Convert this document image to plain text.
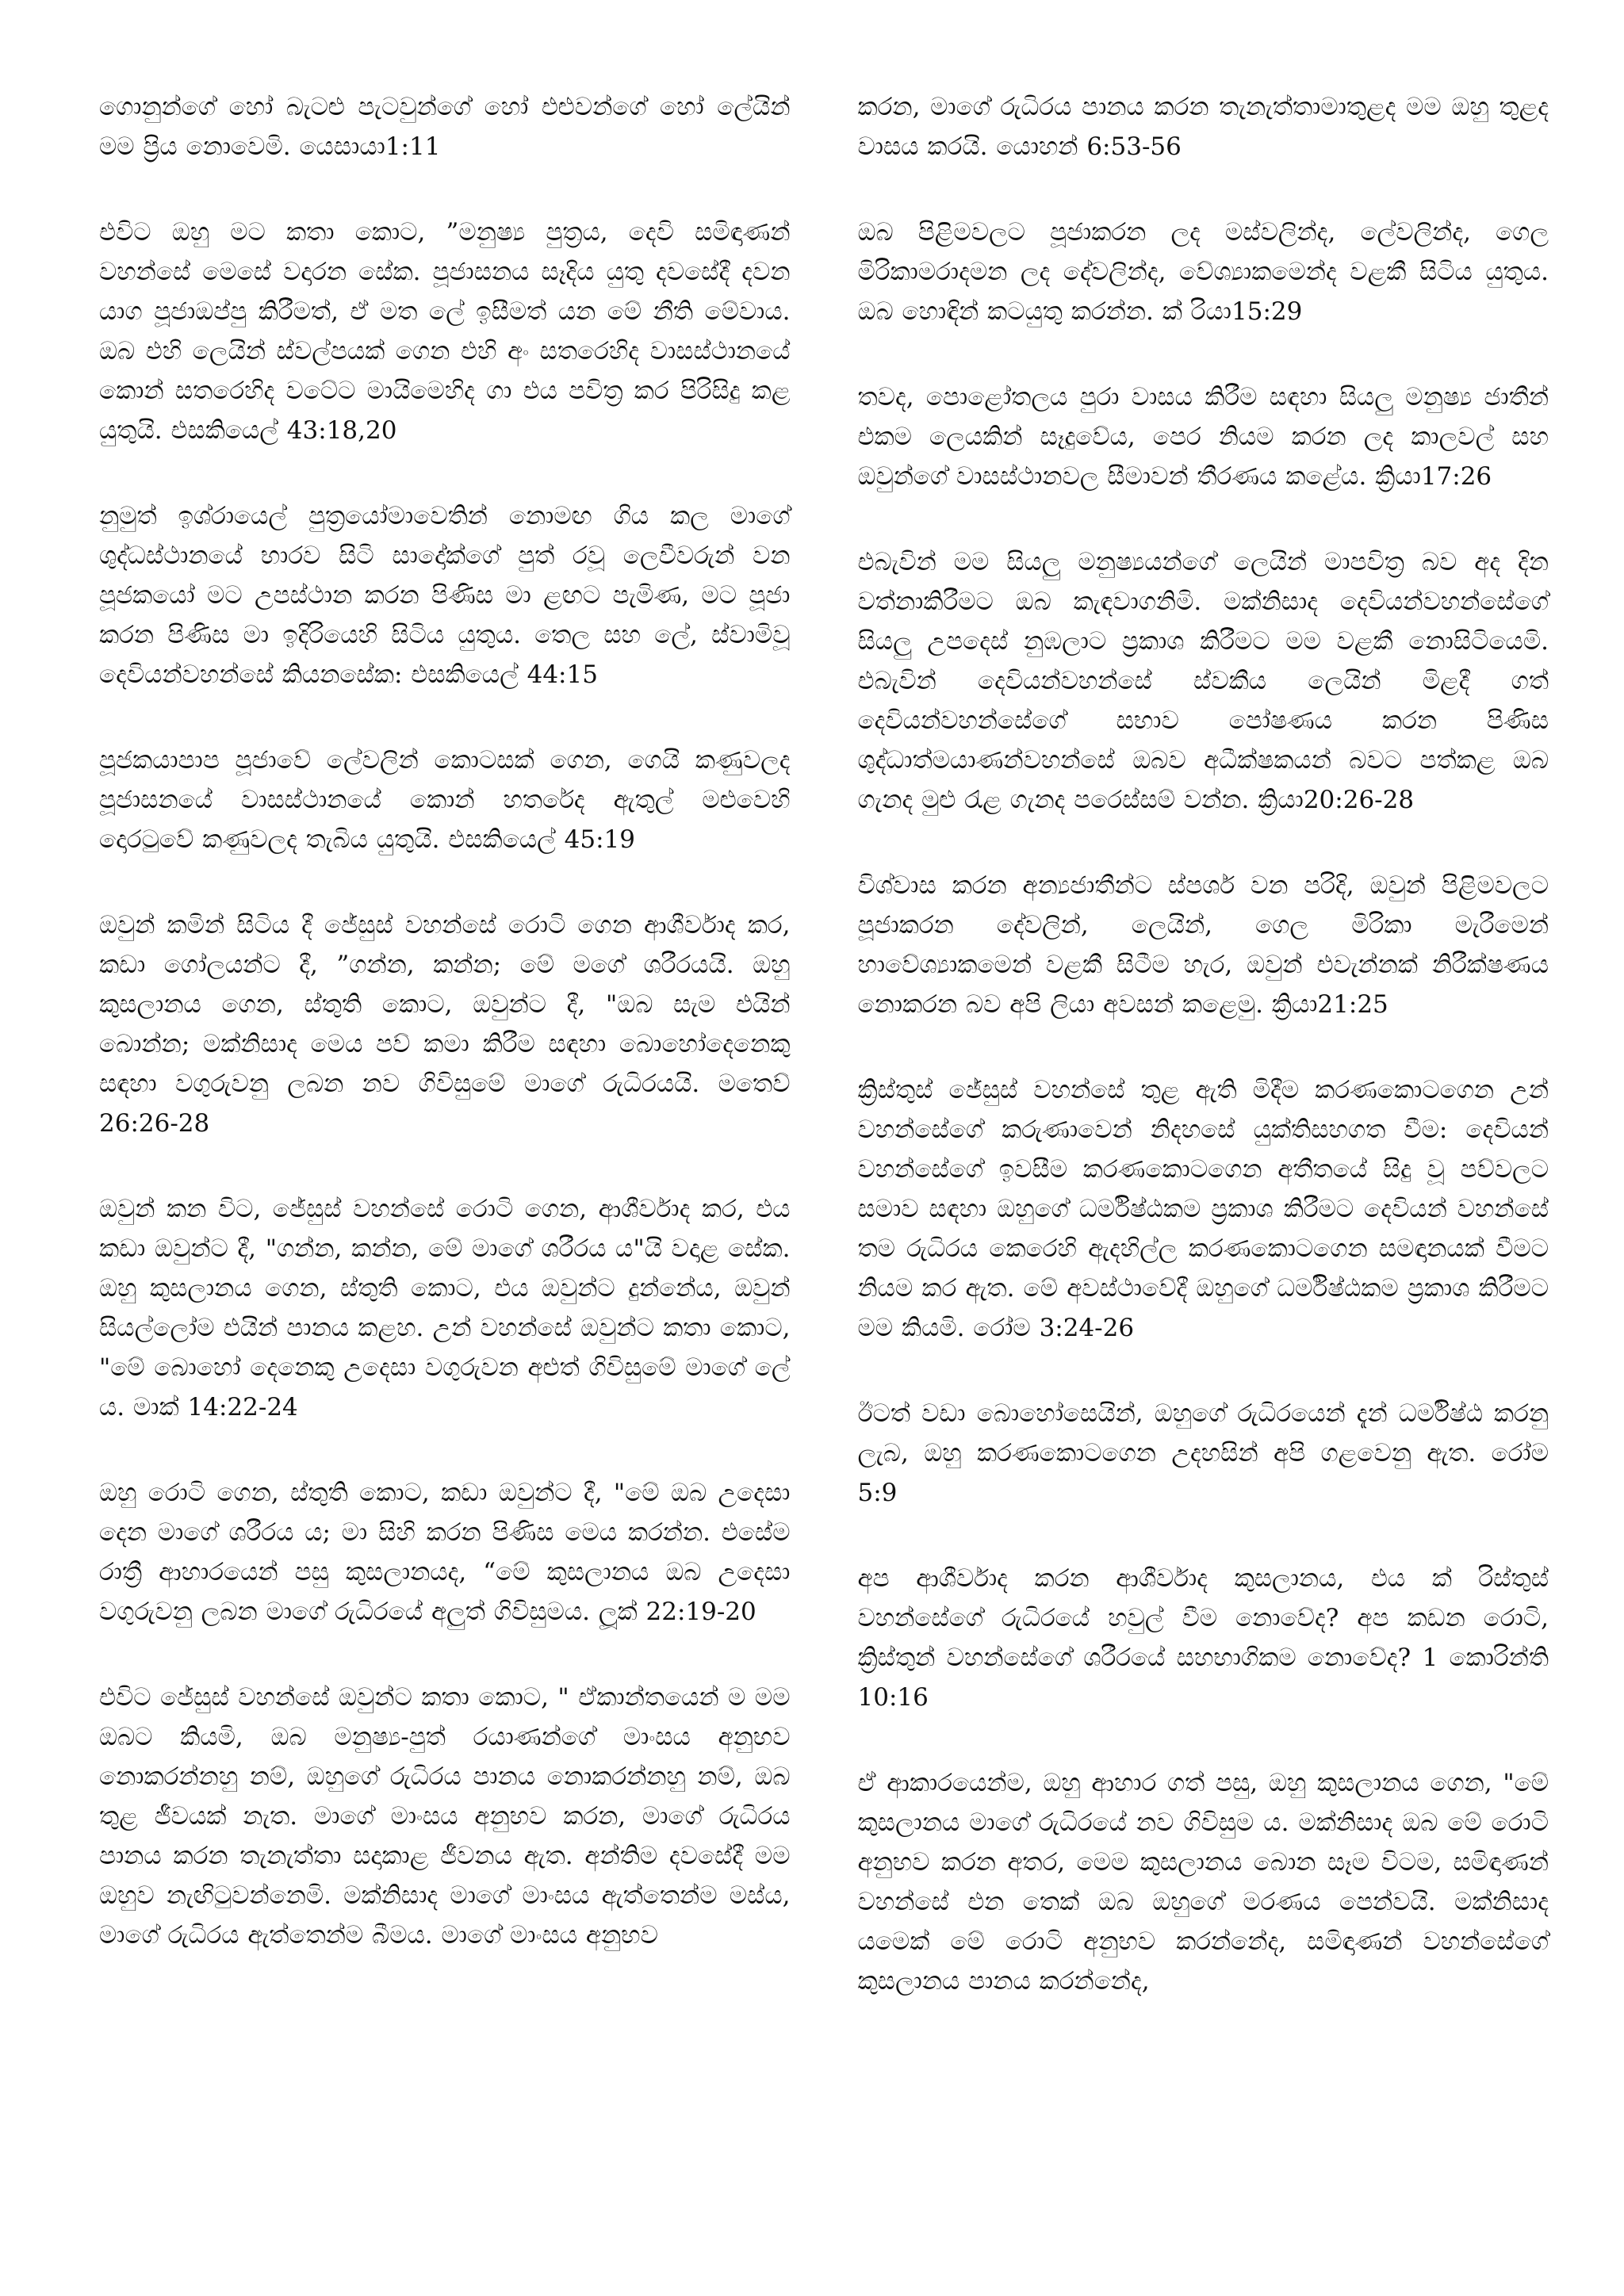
ගොනුන්ගේ හෝ බැටළු පැටවුන්ගේ හෝ එළුවන්ගේ හෝ ලේයින් මම ප්‍රිය නොවෙමි. යෙසායා1:11

එවිට ඔහු මට කතා කොට, ”මනුෂ්‍ය පුත්‍රය, දෙවි සමිඳාණන් වහන්සේ මෙසේ වදාරන සේක. පූජාසනය සෑදිය යුතු දවසේදී දවන යාග පූජාඔප්පු කිරීමත්, ඒ මත ලේ ඉසීමත් යන මේ නීති මේවාය. ඔබ එහි ලෙයින් ස්වල්පයක් ගෙන එහි අං සතරෙහිද වාසස්ථානයේ කොන් සතරෙහිද වටේට මායිමෙහිද ගා එය පවිත්‍ර කර පිරිසිදු කළ යුතුයි. එසකියෙල් 43:18,20

නුමුත් ඉශ්රායෙල් පුත්‍රයෝමාවෙතින් නොමඟ ගිය කල මාගේ ශුද්ධස්ථානයේ භාරව සිටි සාදෝක්ගේ පුත් රවූ ලෙවීවරුන් වන පූජකයෝ මට උපස්ථාන කරන පිණිස මා ළඟට පැමිණ, මට පූජා කරන පිණිස මා ඉදිරියෙහි සිටිය යුතුය. තෙල සහ ලේ, ස්වාමිවූ දෙවියන්වහන්සේ කියනසේක: එසකියෙල් 44:15

පූජකයාපාප පූජාවේ ලේවලින් කොටසක් ගෙන, ගෙයි කණුවලද පූජාසනයේ වාසස්ථානයේ කොන් හතරේද ඇතුල් මළුවෙහි දොරටුවේ කණුවලද තැබිය යුතුයි. එසකියෙල් 45:19

ඔවුන් කමින් සිටිය දී ජේසුස් වහන්සේ රොටි ගෙන ආශීර්වාද කර, කඩා ගෝලයන්ට දී, ”ගන්න, කන්න; මේ මගේ ශරීරයයි. ඔහු කුසලානය ගෙන, ස්තුති කොට, ඔවුන්ට දී, "ඔබ සැම එයින් බොන්න; මක්නිසාද මෙය පව් කමා කිරීම සඳහා බොහෝදෙනෙකු සඳහා වගුරුවනු ලබන නව ගිවිසුමේ මාගේ රුධිරයයි. මතෙව් 26:26-28

ඔවුන් කන විට, ජේසුස් වහන්සේ රොටි ගෙන, ආශීර්වාද කර, එය කඩා ඔවුන්ට දී, "ගන්න, කන්න, මේ මාගේ ශරීරය ය"යි වදාළ සේක. ඔහු කුසලානය ගෙන, ස්තුති කොට, එය ඔවුන්ට දුන්නේය, ඔවුන් සියල්ලෝම එයින් පානය කළහ. උන් වහන්සේ ඔවුන්ට කතා කොට, "මේ බොහෝ දෙනෙකු උදෙසා වගුරුවන අළුත් ගිවිසුමේ මාගේ ලේ ය. මාක් 14:22-24

ඔහු රොටි ගෙන, ස්තුති කොට, කඩා ඔවුන්ට දී, "මේ ඔබ උදෙසා දෙන මාගේ ශරීරය ය; මා සිහි කරන පිණිස මෙය කරන්න. එසේම රාත්‍රී ආහාරයෙන් පසු කුසලානයද, “මේ කුසලානය ඔබ උදෙසා වගුරුවනු ලබන මාගේ රුධිරයේ අලුත් ගිවිසුමය. ලූක් 22:19-20

එවිට ජේසුස් වහන්සේ ඔවුන්ට කතා කොට, " ඒකාන්තයෙන් ම මම ඔබට කියමි, ඔබ මනුෂ්‍ය-පුත් රයාණන්ගේ මාංසය අනුභව නොකරන්නහු නම්, ඔහුගේ රුධිරය පානය නොකරන්නහු නම්, ඔබ තුළ ජීවයක් නැත. මාගේ මාංසය අනුභව කරන, මාගේ රුධිරය පානය කරන තැනැත්තා සදාකාළ ජීවනය ඇත. අන්තිම දවසේදී මම ඔහුව නැඟිටුවන්නෙමි. මක්නිසාද මාගේ මාංසය ඇත්තෙන්ම මස්ය, මාගේ රුධිරය ඇත්තෙන්ම බීමය. මාගේ මාංසය අනුභව

කරන, මාගේ රුධිරය පානය කරන තැනැත්තාමාතුළද මම ඔහු තුළද වාසය කරයි. යොහන් 6:53-56

ඔබ පිළිමවලට පූජාකරන ලද මස්වලින්ද, ලේවලින්ද, ගෙල මිරිකාමරාදමන ලද දේවලින්ද, වේශ්‍යාකමෙන්ද වළකී සිටිය යුතුය. ඔබ හොඳින් කටයුතු කරන්න. ක් රියා15:29

තවද, පොළෝතලය පුරා වාසය කිරීම සඳහා සියලු මනුෂ්‍ය ජාතීන් එකම ලෙයකින් සෑදුවේය, පෙර නියම කරන ලද කාලවල් සහ ඔවුන්ගේ වාසස්ථානවල සීමාවන් තීරණය කළේය. ක්‍රියා17:26

එබැවින් මම සියලු මනුෂ්‍යයන්ගේ ලෙයින් මාපවිත්‍ර බව අද දින වත්නාකිරීමට ඔබ කැඳවාගනිමි. මක්නිසාද දෙවියන්වහන්සේගේ සියලු උපදෙස් නුඹලාට ප්‍රකාශ කිරීමට මම වළකී නොසිටියෙමි. එබැවින් දෙවියන්වහන්සේ ස්වකීය ලෙයින් මිළදී ගත් දෙවියන්වහන්සේගේ සභාව පෝෂණය කරන පිණිස ශුද්ධාත්මයාණන්වහන්සේ ඔබව අධීක්ෂකයන් බවට පත්කළ ඔබ ගැනද මුළු රැළ ගැනද පරෙස්සම් වන්න. ක්‍රියා20:26-28

විශ්වාස කරන අන්‍යජාතීන්ට ස්පර්ශ වන පරිදි, ඔවුන් පිළිමවලට පූජාකරන දේවලින්, ලෙයින්, ගෙල මිරිකා මැරීමෙන් හාවේශ්‍යාකමෙන් වළකී සිටීම හැර, ඔවුන් එවැන්නක් නිරීක්ෂණය නොකරන බව අපි ලියා අවසන් කළෙමු. ක්‍රියා21:25

ක්‍රිස්තුස් ජේසුස් වහන්සේ තුළ ඇති මිදීම කරණකොටගෙන උන් වහන්සේගේ කරුණාවෙන් නිදහසේ යුක්තිසහගත වීම: දෙවියන් වහන්සේගේ ඉවසීම කරණකොටගෙන අතීතයේ සිදු වූ පව්වලට සමාව සඳහා ඔහුගේ ධර්මිෂ්ඨකම ප්‍රකාශ කිරීමට දෙවියන් වහන්සේ තම රුධිරය කෙරෙහි ඇදහිල්ල කරණකොටගෙන සමඳානයක් වීමට නියම කර ඇත. මේ අවස්ථාවේදී ඔහුගේ ධර්මිෂ්ඨකම ප්‍රකාශ කිරීමට මම කියමි. රෝම 3:24-26

ඊටත් වඩා බොහෝසෙයින්, ඔහුගේ රුධිරයෙන් දැන් ධර්මිෂ්ඨ කරනු ලැබ, ඔහු කරණකොටගෙන උදහසින් අපි ගළවෙනු ඇත. රෝම 5:9

අප ආශීර්වාද කරන ආශීර්වාද කුසලානය, එය ක් රිස්තුස් වහන්සේගේ රුධිරයේ හවුල් වීම නොවේද? අප කඩන රොටි, ක්‍රිස්තුන් වහන්සේගේ ශරීරයේ සහභාගිකම නොවේද? 1 කොරින්ති 10:16

ඒ ආකාරයෙන්ම, ඔහු ආහාර ගත් පසු, ඔහු කුසලානය ගෙන, "මේ කුසලානය මාගේ රුධිරයේ නව ගිවිසුම ය. මක්නිසාද ඔබ මේ රොටි අනුභව කරන අතර, මෙම කුසලානය බොන සෑම විටම, සමිඳාණන් වහන්සේ එන තෙක් ඔබ ඔහුගේ මරණය පෙන්වයි. මක්නිසාද යමෙක් මේ රොටි අනුභව කරන්නේද, සමිඳාණන් වහන්සේගේ කුසලානය පානය කරන්නේද,
